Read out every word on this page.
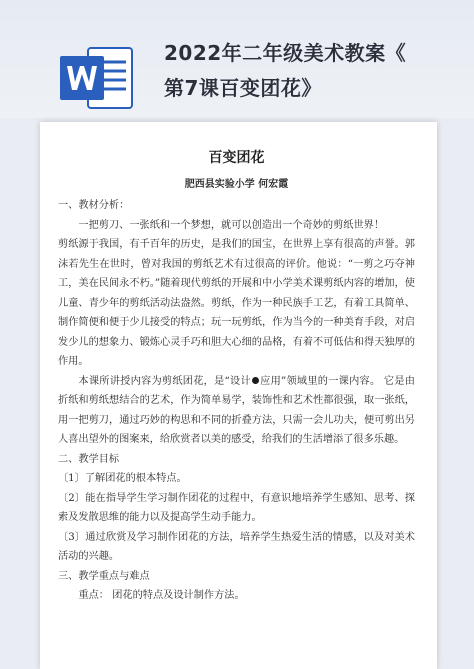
2022年二年级美术教案《
第7课百变团花》
百变团花
肥西县实验小学 何宏霞

一、教材分析：

一把剪刀、一张纸和一个梦想，就可以创造出一个奇妙的剪纸世界！

剪纸源于我国，有千百年的历史，是我们的国宝，在世界上享有很高的声誉。郭沫若先生在世时，曾对我国的剪纸艺术有过很高的评价。他说：“一剪之巧夺神工，美在民间永不朽。”随着现代剪纸的开展和中小学美术课剪纸内容的增加，使儿童、青少年的剪纸活动法盎然。剪纸，作为一种民族手工艺，有着工具简单、制作简便和便于少儿接受的特点；玩一玩剪纸，作为当今的一种美育手段，对启发少儿的想象力、锻炼心灵手巧和胆大心细的品格，有着不可低估和得天独厚的作用。

本课所讲授内容为剪纸团花，是“设计 应用”领域里的一课内容。 它是由折纸和剪纸想结合的艺术，作为简单易学，装饰性和艺术性都很强，取一张纸，用一把剪刀，通过巧妙的构思和不同的折叠方法，只需一会儿功夫，便可剪出另人喜出望外的图案来，给欣赏者以美的感受，给我们的生活增添了很多乐趣。

二、教学目标

〔1〕了解团花的根本特点。

〔2〕能在指导学生学习制作团花的过程中，有意识地培养学生感知、思考、探索及发散思维的能力以及提高学生动手能力。

〔3〕通过欣赏及学习制作团花的方法，培养学生热爱生活的情感，以及对美术活动的兴趣。

三、教学重点与难点

重点： 团花的特点及设计制作方法。
